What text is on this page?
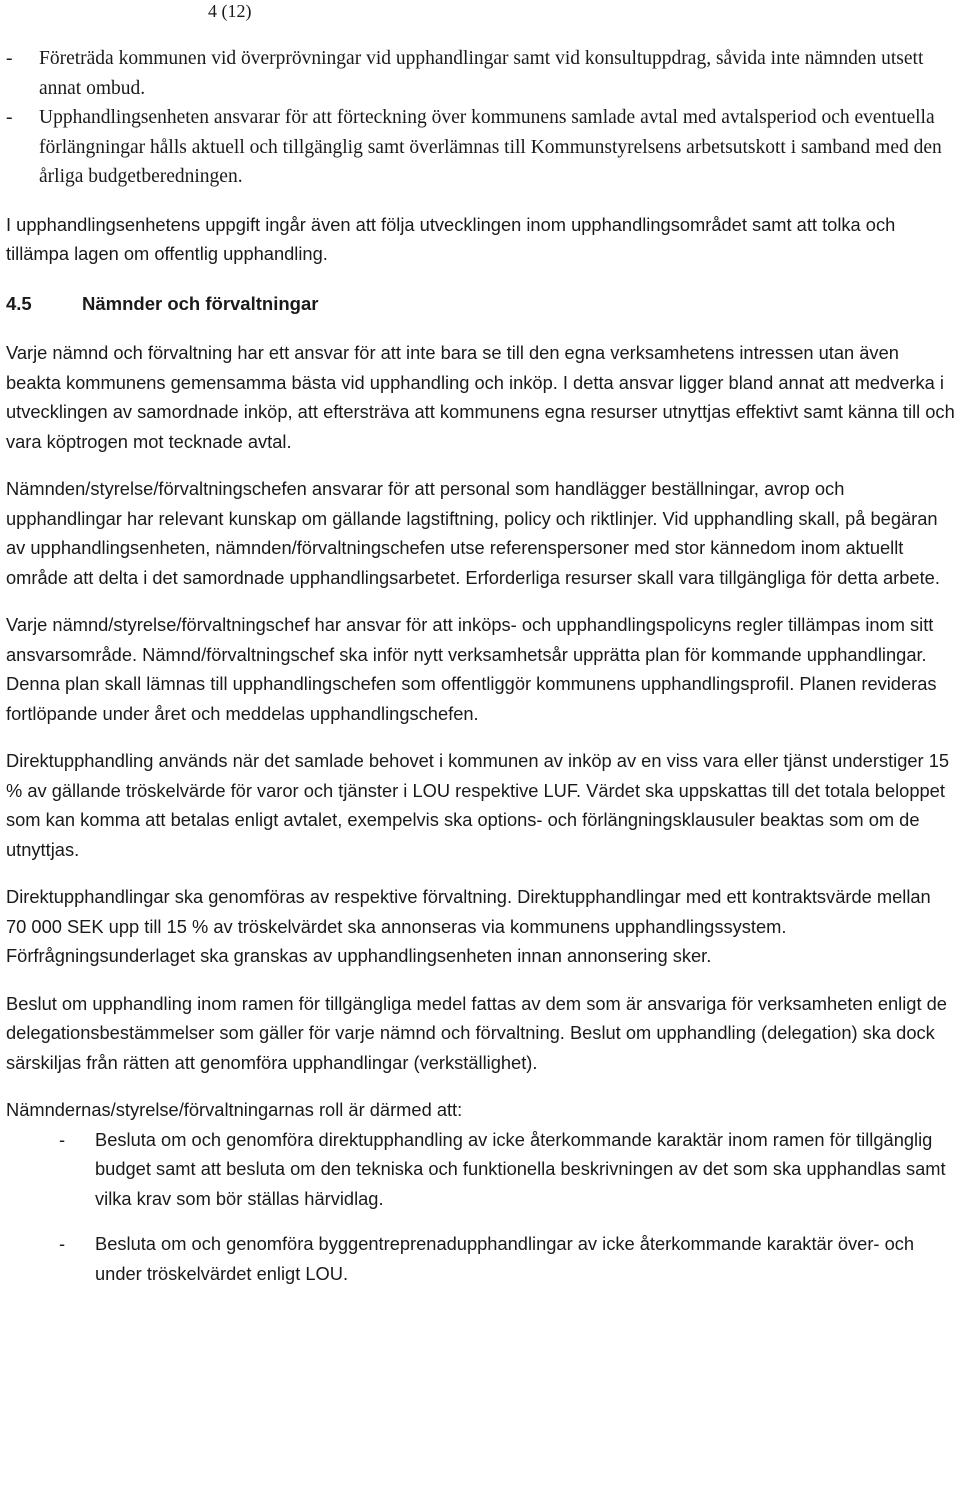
4 (12)
- Företräda kommunen vid överprövningar vid upphandlingar samt vid konsultuppdrag, såvida inte nämnden utsett annat ombud.
- Upphandlingsenheten ansvarar för att förteckning över kommunens samlade avtal med avtalsperiod och eventuella förlängningar hålls aktuell och tillgänglig samt överlämnas till Kommunstyrelsens arbetsutskott i samband med den årliga budgetberedningen.

I upphandlingsenhetens uppgift ingår även att följa utvecklingen inom upphandlingsområdet samt att tolka och tillämpa lagen om offentlig upphandling.

4.5	Nämnder och förvaltningar

Varje nämnd och förvaltning har ett ansvar för att inte bara se till den egna verksamhetens intressen utan även beakta kommunens gemensamma bästa vid upphandling och inköp. I detta ansvar ligger bland annat att medverka i utvecklingen av samordnade inköp, att eftersträva att kommunens egna resurser utnyttjas effektivt samt känna till och vara köptrogen mot tecknade avtal.

Nämnden/styrelse/förvaltningschefen ansvarar för att personal som handlägger beställningar, avrop och upphandlingar har relevant kunskap om gällande lagstiftning, policy och riktlinjer. Vid upphandling skall, på begäran av upphandlingsenheten, nämnden/förvaltningschefen utse referenspersoner med stor kännedom inom aktuellt område att delta i det samordnade upphandlingsarbetet. Erforderliga resurser skall vara tillgängliga för detta arbete.

Varje nämnd/styrelse/förvaltningschef har ansvar för att inköps- och upphandlingspolicyns regler tillämpas inom sitt ansvarsområde. Nämnd/förvaltningschef ska inför nytt verksamhetsår upprätta plan för kommande upphandlingar. Denna plan skall lämnas till upphandlingschefen som offentliggör kommunens upphandlingsprofil. Planen revideras fortlöpande under året och meddelas upphandlingschefen.

Direktupphandling används när det samlade behovet i kommunen av inköp av en viss vara eller tjänst understiger 15 % av gällande tröskelvärde för varor och tjänster i LOU respektive LUF. Värdet ska uppskattas till det totala beloppet som kan komma att betalas enligt avtalet, exempelvis ska options- och förlängningsklausuler beaktas som om de utnyttjas.

Direktupphandlingar ska genomföras av respektive förvaltning. Direktupphandlingar med ett kontraktsvärde mellan 70 000 SEK upp till 15 % av tröskelvärdet ska annonseras via kommunens upphandlingssystem. Förfrågningsunderlaget ska granskas av upphandlingsenheten innan annonsering sker.

Beslut om upphandling inom ramen för tillgängliga medel fattas av dem som är ansvariga för verksamheten enligt de delegationsbestämmelser som gäller för varje nämnd och förvaltning. Beslut om upphandling (delegation) ska dock särskiljas från rätten att genomföra upphandlingar (verkställighet).

Nämndernas/styrelse/förvaltningarnas roll är därmed att:

- Besluta om och genomföra direktupphandling av icke återkommande karaktär inom ramen för tillgänglig budget samt att besluta om den tekniska och funktionella beskrivningen av det som ska upphandlas samt vilka krav som bör ställas härvidlag.
- Besluta om och genomföra byggentreprenadupphandlingar av icke återkommande karaktär över- och under tröskelvärdet enligt LOU.
